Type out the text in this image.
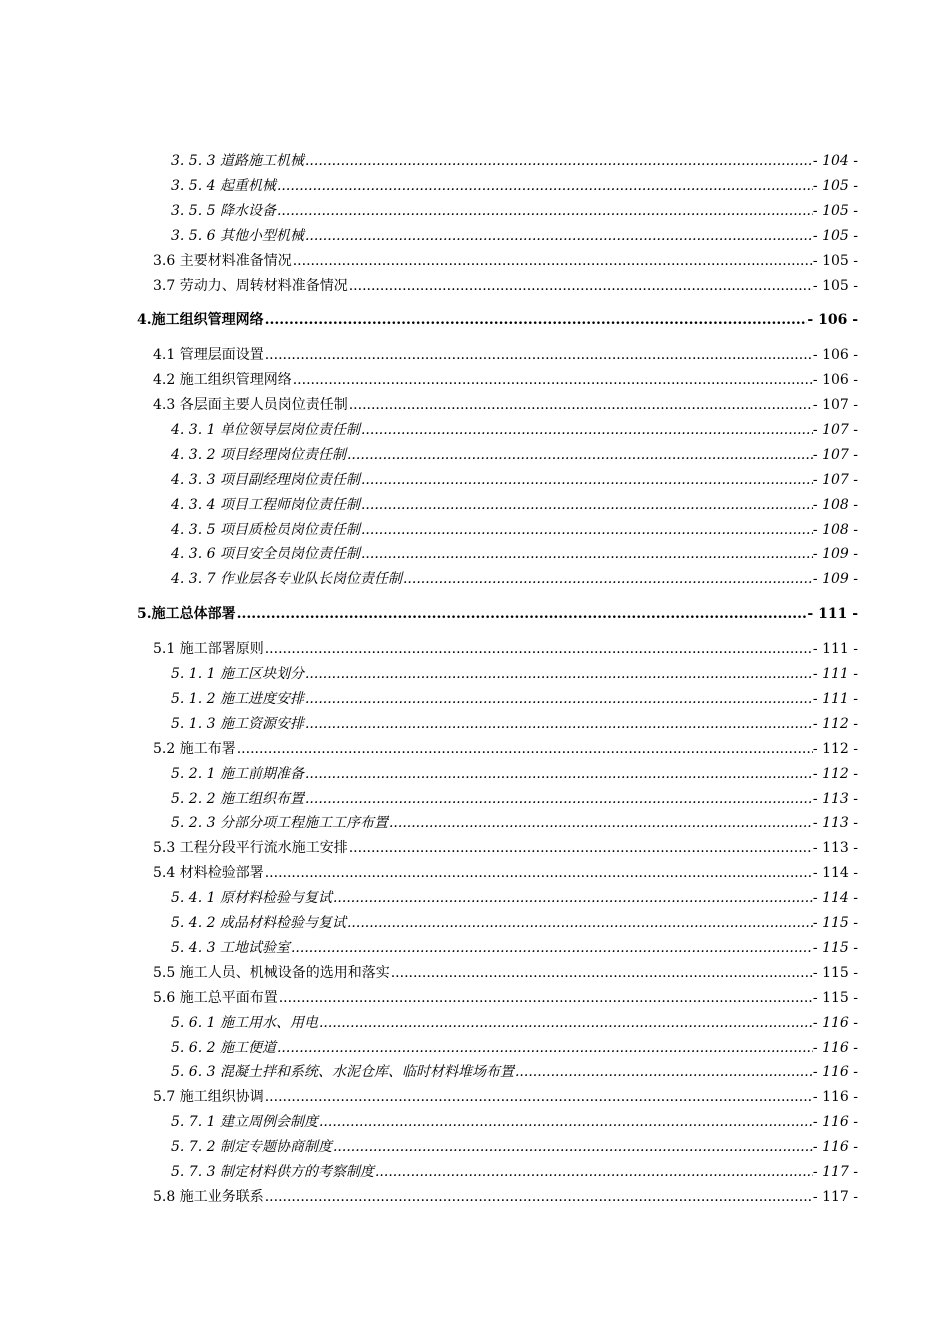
3. 5. 3 道路施工机械 .....	- 104 -
3. 5. 4 起重机械 .....	- 105 -
3. 5. 5 降水设备 .....	- 105 -
3. 5. 6 其他小型机械 .....	- 105 -
3.6 主要材料准备情况 .....	- 105 -
3.7 劳动力、周转材料准备情况 .....	- 105 -
4.施工组织管理网络 .....	- 106 -
4.1 管理层面设置 .....	- 106 -
4.2 施工组织管理网络 .....	- 106 -
4.3 各层面主要人员岗位责任制 .....	- 107 -
4. 3. 1 单位领导层岗位责任制 .....	- 107 -
4. 3. 2 项目经理岗位责任制 .....	- 107 -
4. 3. 3 项目副经理岗位责任制 .....	- 107 -
4. 3. 4 项目工程师岗位责任制 .....	- 108 -
4. 3. 5 项目质检员岗位责任制 .....	- 108 -
4. 3. 6 项目安全员岗位责任制 .....	- 109 -
4. 3. 7 作业层各专业队长岗位责任制 .....	- 109 -
5.施工总体部署 .....	- 111 -
5.1 施工部署原则 .....	- 111 -
5. 1. 1 施工区块划分 .....	- 111 -
5. 1. 2 施工进度安排 .....	- 111 -
5. 1. 3 施工资源安排 .....	- 112 -
5.2 施工布署 .....	- 112 -
5. 2. 1 施工前期准备 .....	- 112 -
5. 2. 2 施工组织布置 .....	- 113 -
5. 2. 3 分部分项工程施工工序布置 .....	- 113 -
5.3 工程分段平行流水施工安排 .....	- 113 -
5.4 材料检验部署 .....	- 114 -
5. 4. 1 原材料检验与复试 .....	- 114 -
5. 4. 2 成品材料检验与复试 .....	- 115 -
5. 4. 3 工地试验室 .....	- 115 -
5.5 施工人员、机械设备的选用和落实 .....	- 115 -
5.6 施工总平面布置 .....	- 115 -
5. 6. 1 施工用水、用电 .....	- 116 -
5. 6. 2 施工便道 .....	- 116 -
5. 6. 3 混凝土拌和系统、水泥仓库、临时材料堆场布置 .....	- 116 -
5.7 施工组织协调 .....	- 116 -
5. 7. 1 建立周例会制度 .....	- 116 -
5. 7. 2 制定专题协商制度 .....	- 116 -
5. 7. 3 制定材料供方的考察制度 .....	- 117 -
5.8 施工业务联系 .....	- 117 -
